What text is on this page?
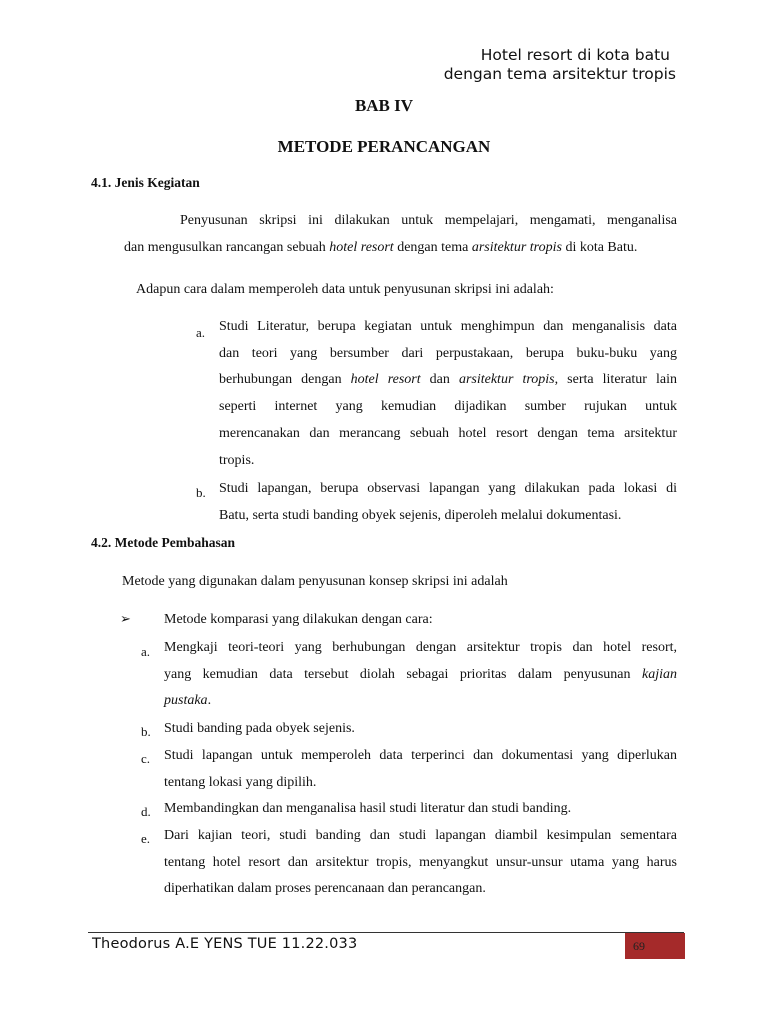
Hotel resort di kota batu
dengan tema arsitektur tropis
BAB IV
METODE PERANCANGAN
4.1. Jenis Kegiatan
Penyusunan skripsi ini dilakukan untuk mempelajari, mengamati, menganalisa
dan mengusulkan rancangan sebuah hotel resort dengan tema arsitektur tropis di kota Batu.
Adapun cara dalam memperoleh data untuk penyusunan skripsi ini adalah:
a. Studi Literatur, berupa kegiatan untuk menghimpun dan menganalisis data
dan teori yang bersumber dari perpustakaan, berupa buku-buku yang
berhubungan dengan hotel resort dan arsitektur tropis, serta literatur lain
seperti internet yang kemudian dijadikan sumber rujukan untuk
merencanakan dan merancang sebuah hotel resort dengan tema arsitektur
tropis.
b. Studi lapangan, berupa observasi lapangan yang dilakukan pada lokasi di
Batu, serta studi banding obyek sejenis, diperoleh melalui dokumentasi.
4.2. Metode Pembahasan
Metode yang digunakan dalam penyusunan konsep skripsi ini adalah
➢ Metode komparasi yang dilakukan dengan cara:
a. Mengkaji teori-teori yang berhubungan dengan arsitektur tropis dan hotel resort,
yang kemudian data tersebut diolah sebagai prioritas dalam penyusunan kajian
pustaka.
b. Studi banding pada obyek sejenis.
c. Studi lapangan untuk memperoleh data terperinci dan dokumentasi yang diperlukan
tentang lokasi yang dipilih.
d. Membandingkan dan menganalisa hasil studi literatur dan studi banding.
e. Dari kajian teori, studi banding dan studi lapangan diambil kesimpulan sementara
tentang hotel resort dan arsitektur tropis, menyangkut unsur-unsur utama yang harus
diperhatikan dalam proses perencanaan dan perancangan.
Theodorus A.E YENS TUE 11.22.033	69
